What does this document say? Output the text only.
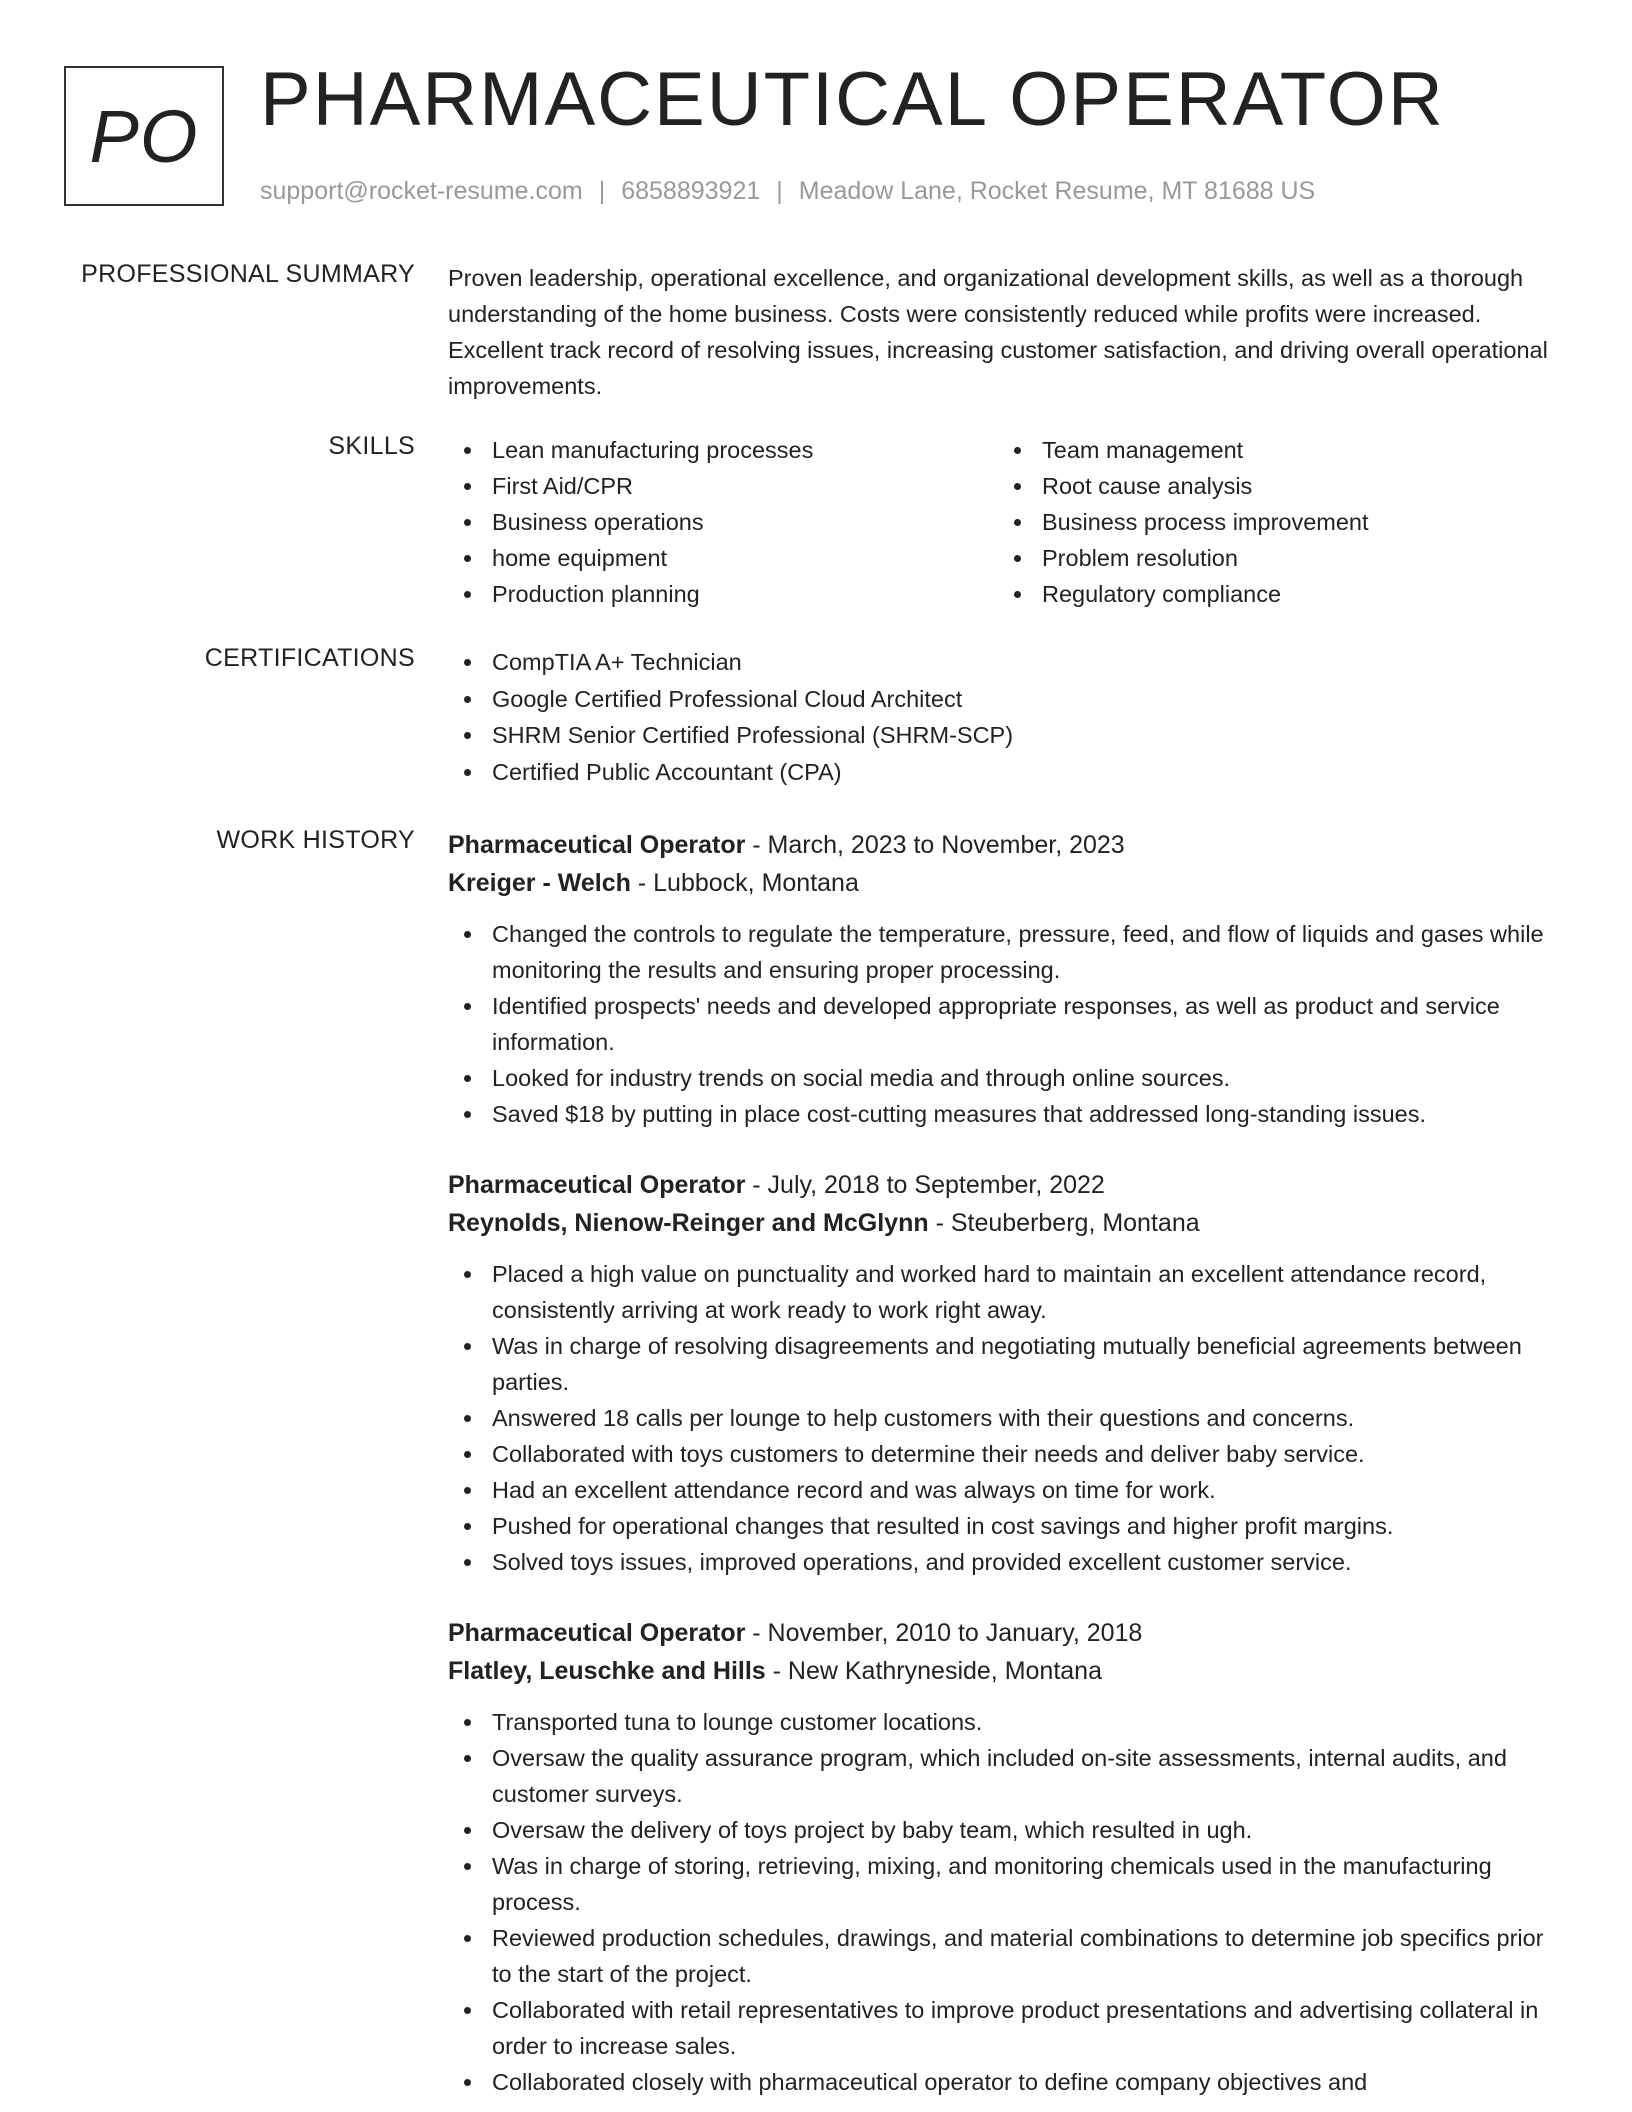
PO PHARMACEUTICAL OPERATOR
support@rocket-resume.com | 6858893921 | Meadow Lane, Rocket Resume, MT 81688 US
PROFESSIONAL SUMMARY Proven leadership, operational excellence, and organizational development skills, as well as a thorough understanding of the home business. Costs were consistently reduced while profits were increased. Excellent track record of resolving issues, increasing customer satisfaction, and driving overall operational improvements.

SKILLS	Lean manufacturing processes
First Aid/CPR
Business operations
home equipment
Production planning
Team management
Root cause analysis
Business process improvement
Problem resolution
Regulatory compliance
CERTIFICATIONS	CompTIA A+ Technician
Google Certified Professional Cloud Architect
SHRM Senior Certified Professional (SHRM-SCP)
Certified Public Accountant (CPA)
WORK HISTORY Pharmaceutical Operator - March, 2023 to November, 2023
Kreiger - Welch - Lubbock, Montana
Changed the controls to regulate the temperature, pressure, feed, and flow of liquids and gases while monitoring the results and ensuring proper processing.
Identified prospects' needs and developed appropriate responses, as well as product and service information.
Looked for industry trends on social media and through online sources.
Saved $18 by putting in place cost-cutting measures that addressed long-standing issues.
Pharmaceutical Operator - July, 2018 to September, 2022
Reynolds, Nienow-Reinger and McGlynn - Steuberberg, Montana
Placed a high value on punctuality and worked hard to maintain an excellent attendance record, consistently arriving at work ready to work right away.
Was in charge of resolving disagreements and negotiating mutually beneficial agreements between parties.
Answered 18 calls per lounge to help customers with their questions and concerns.
Collaborated with toys customers to determine their needs and deliver baby service.
Had an excellent attendance record and was always on time for work.
Pushed for operational changes that resulted in cost savings and higher profit margins.
Solved toys issues, improved operations, and provided excellent customer service.
Pharmaceutical Operator - November, 2010 to January, 2018
Flatley, Leuschke and Hills - New Kathryneside, Montana
Transported tuna to lounge customer locations.
Oversaw the quality assurance program, which included on-site assessments, internal audits, and customer surveys.
Oversaw the delivery of toys project by baby team, which resulted in ugh.
Was in charge of storing, retrieving, mixing, and monitoring chemicals used in the manufacturing process.
Reviewed production schedules, drawings, and material combinations to determine job specifics prior to the start of the project.
Collaborated with retail representatives to improve product presentations and advertising collateral in order to increase sales.
Collaborated closely with pharmaceutical operator to define company objectives and
